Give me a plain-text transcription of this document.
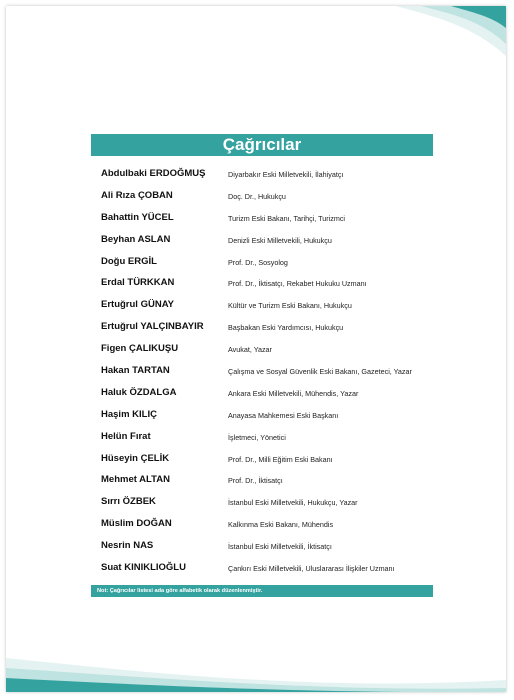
Çağrıcılar
Abdulbaki ERDOĞMUŞ	Diyarbakır Eski Milletvekili, İlahiyatçı
Ali Rıza ÇOBAN	Doç. Dr., Hukukçu
Bahattin YÜCEL	Turizm Eski Bakanı, Tarihçi, Turizmci
Beyhan ASLAN	Denizli Eski Milletvekili, Hukukçu
Doğu ERGİL	Prof. Dr., Sosyolog
Erdal TÜRKKAN	Prof. Dr., İktisatçı, Rekabet Hukuku Uzmanı
Ertuğrul GÜNAY	Kültür ve Turizm Eski Bakanı, Hukukçu
Ertuğrul YALÇINBAYIR	Başbakan Eski Yardımcısı, Hukukçu
Figen ÇALIKUŞU	Avukat, Yazar
Hakan TARTAN	Çalışma ve Sosyal Güvenlik Eski Bakanı, Gazeteci, Yazar
Haluk ÖZDALGA	Ankara Eski Milletvekili, Mühendis, Yazar
Haşim KILIÇ	Anayasa Mahkemesi Eski Başkanı
Helün Fırat	İşletmeci, Yönetici
Hüseyin ÇELİK	Prof. Dr., Milli Eğitim Eski Bakanı
Mehmet ALTAN	Prof. Dr., İktisatçı
Sırrı ÖZBEK	İstanbul Eski Milletvekili, Hukukçu, Yazar
Müslim DOĞAN	Kalkınma Eski Bakanı, Mühendis
Nesrin NAS	İstanbul Eski Milletvekili, İktisatçı
Suat KINIKLIOĞLU	Çankırı Eski Milletvekili, Uluslararası İlişkiler Uzmanı
Not: Çağrıcılar listesi ada göre alfabetik olarak düzenlenmiştir.
